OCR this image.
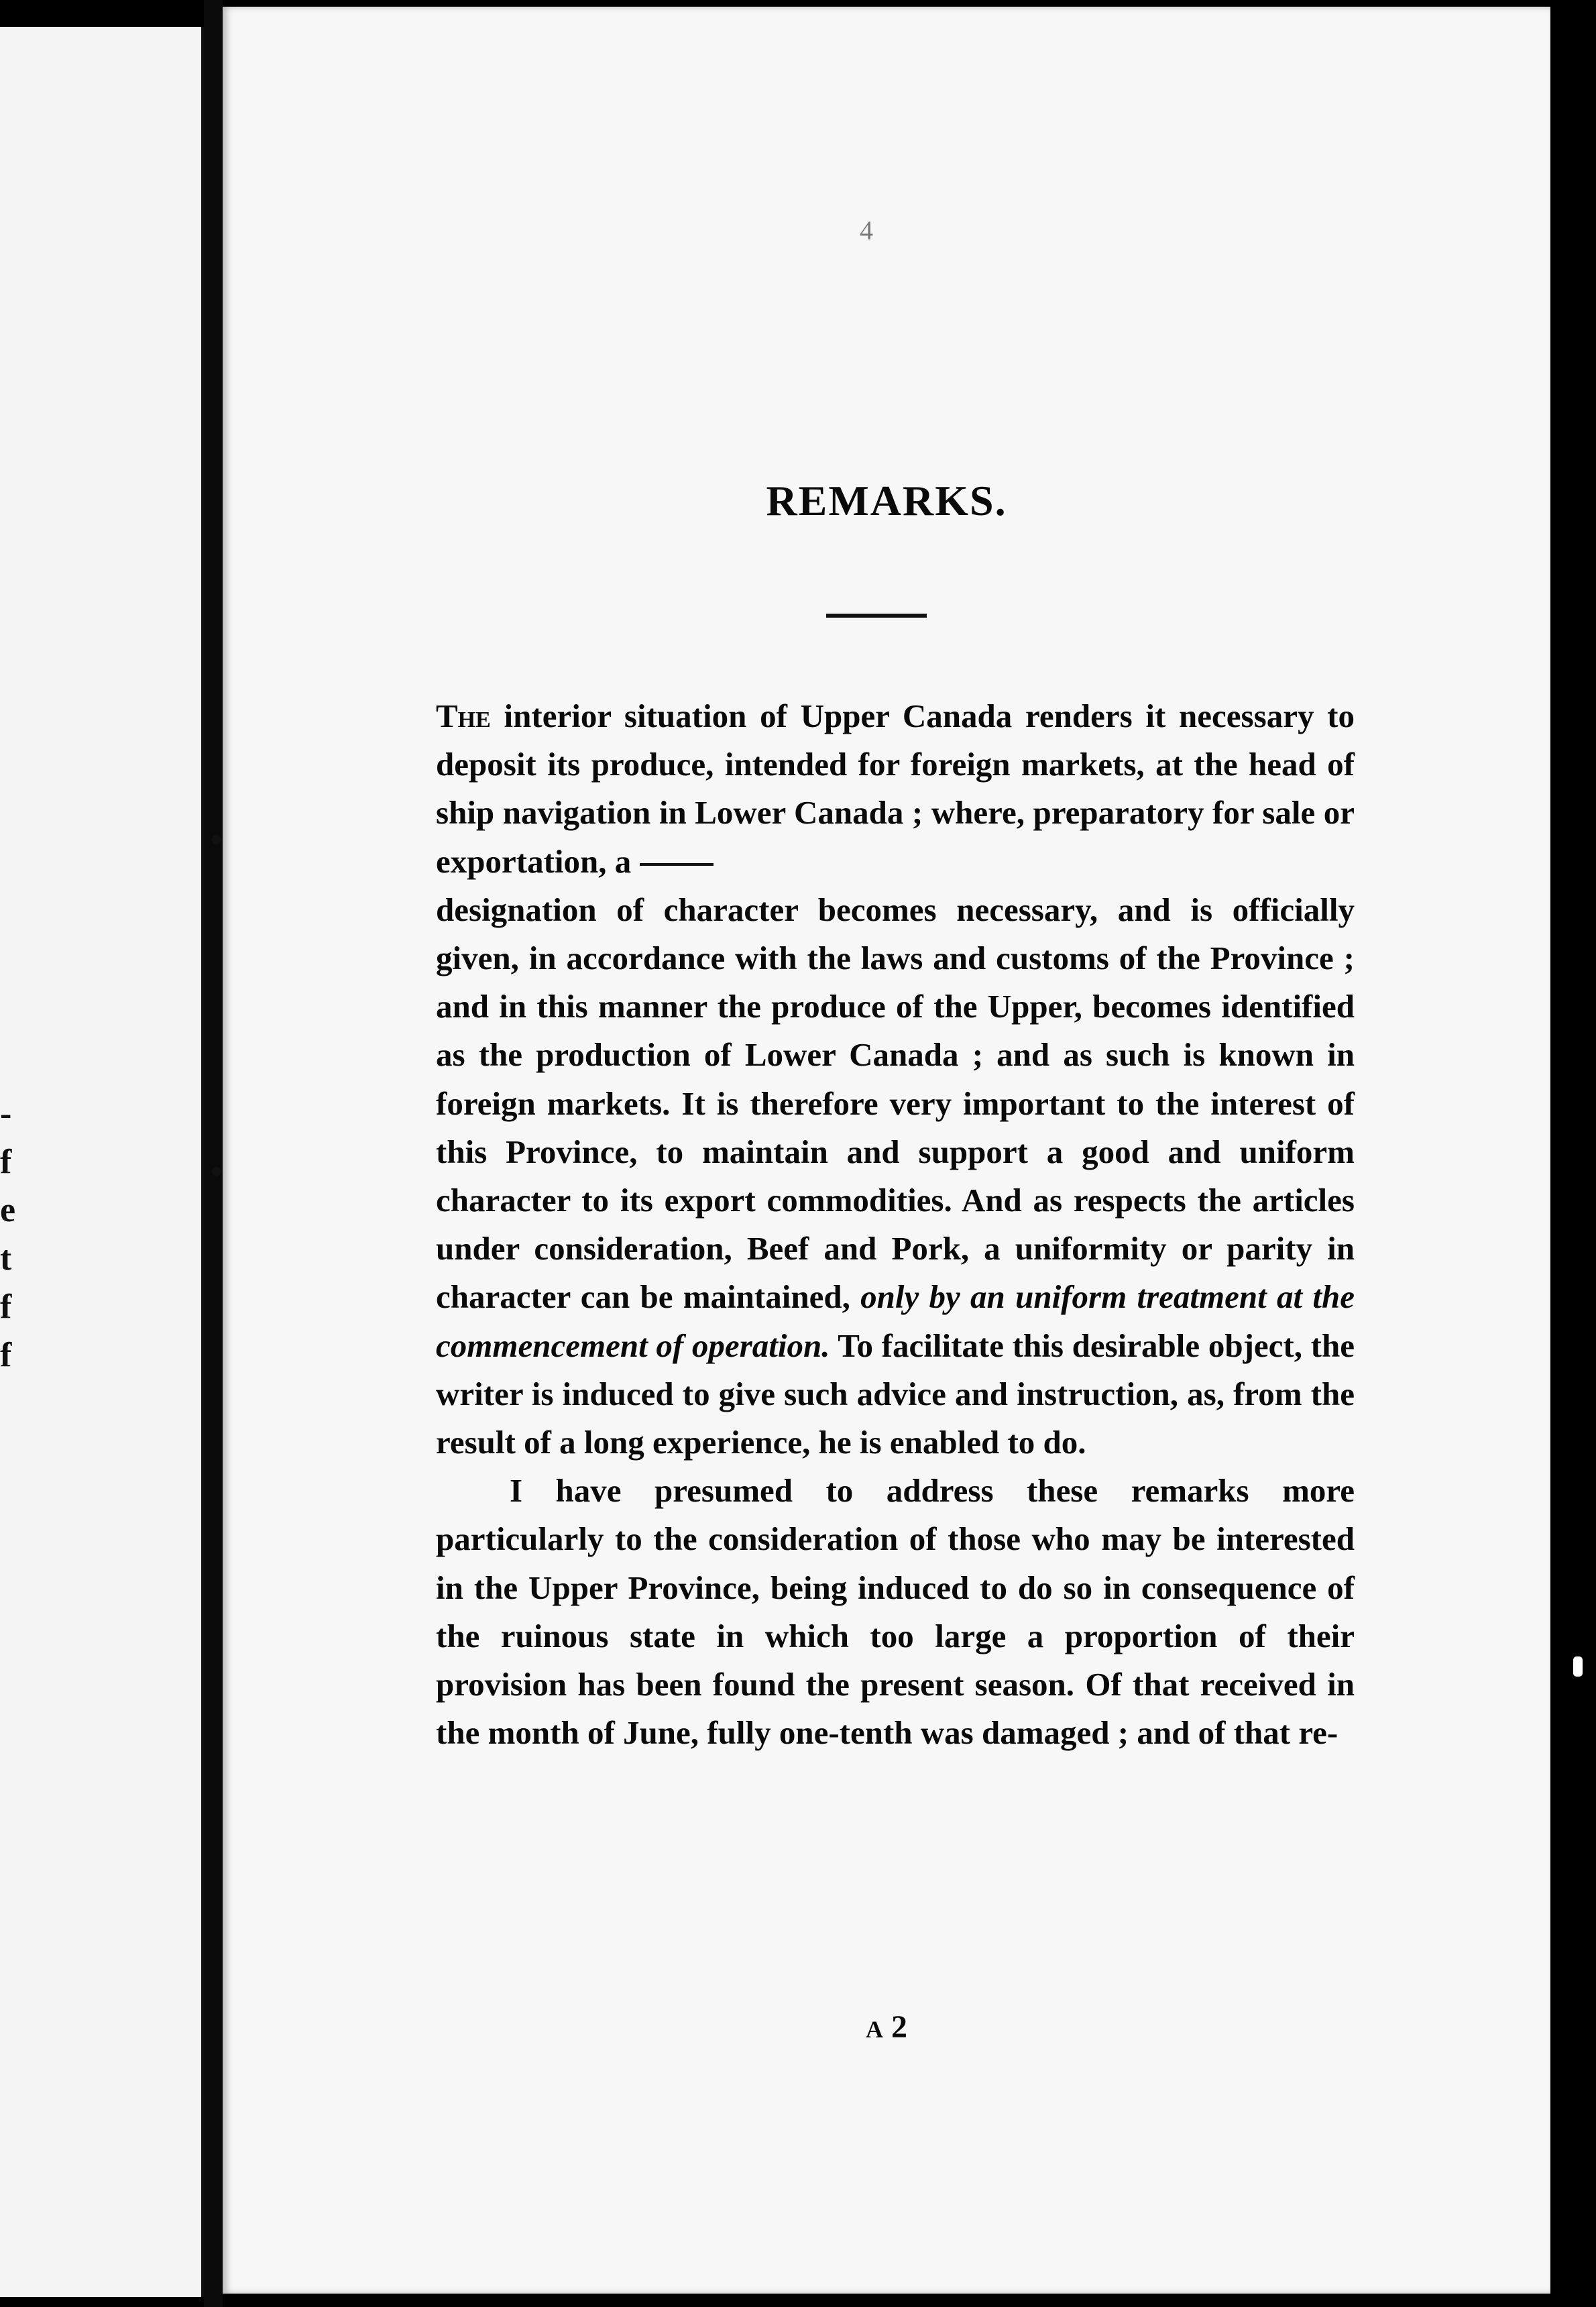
-
f
e
t
f
f
4
REMARKS.

The interior situation of Upper Canada renders it necessary to deposit its produce, intended for foreign markets, at the head of ship navigation in Lower Canada ; where, preparatory for sale or exportation, a
designation of character becomes necessary, and is officially given, in accordance with the laws and customs of the Province ; and in this manner the produce of the Upper, becomes identified as the production of Lower Canada ; and as such is known in foreign markets. It is therefore very important to the interest of this Province, to maintain and support a good and uniform character to its export commodities. And as respects the articles under consideration, Beef and Pork, a uniformity or parity in character can be maintained, only by an uniform treatment at the commencement of operation. To facilitate this desirable object, the writer is induced to give such advice and instruction, as, from the result of a long experience, he is enabled to do.

I have presumed to address these remarks more particularly to the consideration of those who may be interested in the Upper Province, being induced to do so in consequence of the ruinous state in which too large a proportion of their provision has been found the present season. Of that received in the month of June, fully one-tenth was damaged ; and of that re-

A 2
